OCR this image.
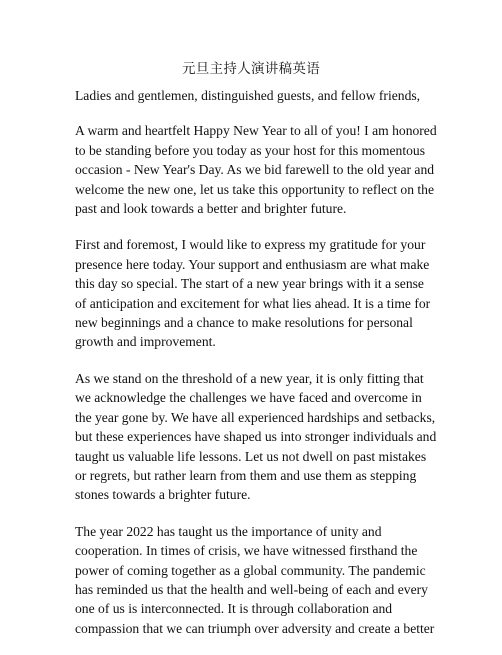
元旦主持人演讲稿英语

Ladies and gentlemen, distinguished guests, and fellow friends,

A warm and heartfelt Happy New Year to all of you! I am honored to be standing before you today as your host for this momentous occasion - New Year's Day. As we bid farewell to the old year and welcome the new one, let us take this opportunity to reflect on the past and look towards a better and brighter future.

First and foremost, I would like to express my gratitude for your presence here today. Your support and enthusiasm are what make this day so special. The start of a new year brings with it a sense of anticipation and excitement for what lies ahead. It is a time for new beginnings and a chance to make resolutions for personal growth and improvement.

As we stand on the threshold of a new year, it is only fitting that we acknowledge the challenges we have faced and overcome in the year gone by. We have all experienced hardships and setbacks, but these experiences have shaped us into stronger individuals and taught us valuable life lessons. Let us not dwell on past mistakes or regrets, but rather learn from them and use them as stepping stones towards a brighter future.

The year 2022 has taught us the importance of unity and cooperation. In times of crisis, we have witnessed firsthand the power of coming together as a global community. The pandemic has reminded us that the health and well-being of each and every one of us is interconnected. It is through collaboration and compassion that we can triumph over adversity and create a better
